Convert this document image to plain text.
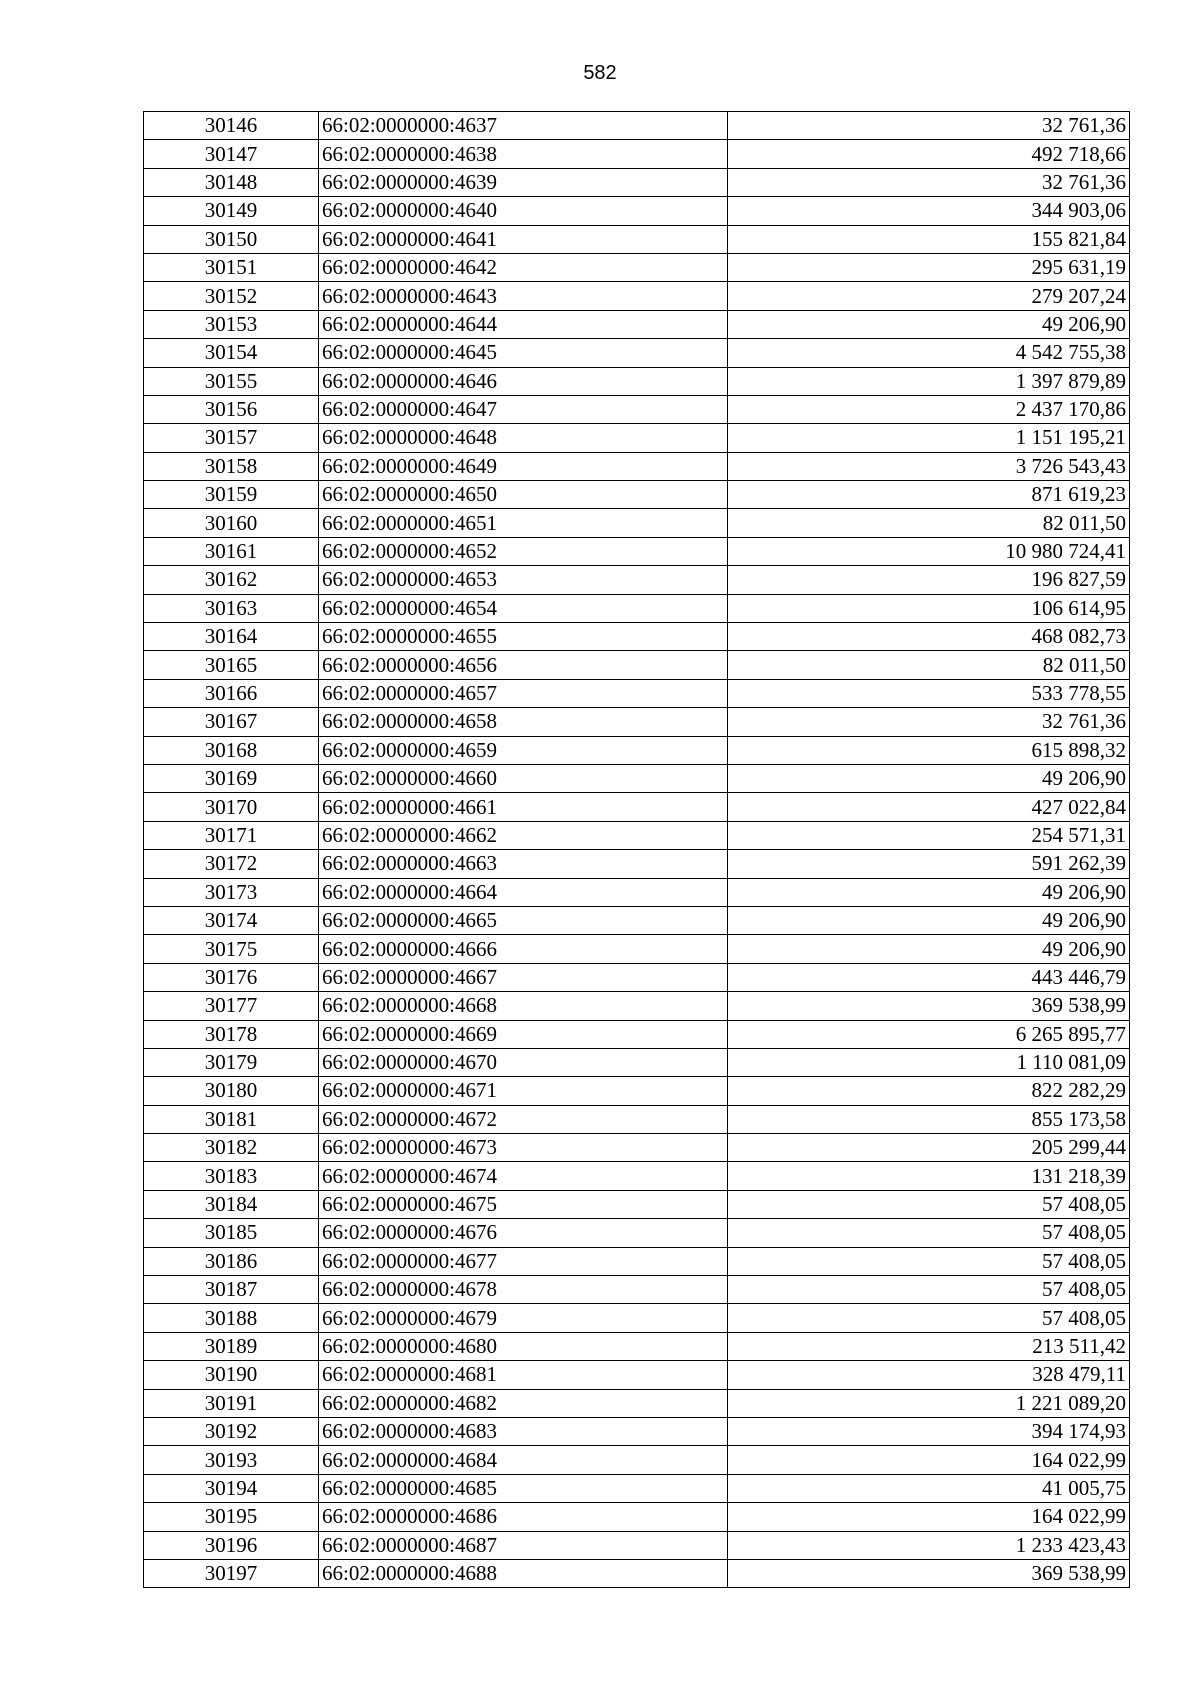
582
30146	66:02:0000000:4637	32 761,36
30147	66:02:0000000:4638	492 718,66
30148	66:02:0000000:4639	32 761,36
30149	66:02:0000000:4640	344 903,06
30150	66:02:0000000:4641	155 821,84
30151	66:02:0000000:4642	295 631,19
30152	66:02:0000000:4643	279 207,24
30153	66:02:0000000:4644	49 206,90
30154	66:02:0000000:4645	4 542 755,38
30155	66:02:0000000:4646	1 397 879,89
30156	66:02:0000000:4647	2 437 170,86
30157	66:02:0000000:4648	1 151 195,21
30158	66:02:0000000:4649	3 726 543,43
30159	66:02:0000000:4650	871 619,23
30160	66:02:0000000:4651	82 011,50
30161	66:02:0000000:4652	10 980 724,41
30162	66:02:0000000:4653	196 827,59
30163	66:02:0000000:4654	106 614,95
30164	66:02:0000000:4655	468 082,73
30165	66:02:0000000:4656	82 011,50
30166	66:02:0000000:4657	533 778,55
30167	66:02:0000000:4658	32 761,36
30168	66:02:0000000:4659	615 898,32
30169	66:02:0000000:4660	49 206,90
30170	66:02:0000000:4661	427 022,84
30171	66:02:0000000:4662	254 571,31
30172	66:02:0000000:4663	591 262,39
30173	66:02:0000000:4664	49 206,90
30174	66:02:0000000:4665	49 206,90
30175	66:02:0000000:4666	49 206,90
30176	66:02:0000000:4667	443 446,79
30177	66:02:0000000:4668	369 538,99
30178	66:02:0000000:4669	6 265 895,77
30179	66:02:0000000:4670	1 110 081,09
30180	66:02:0000000:4671	822 282,29
30181	66:02:0000000:4672	855 173,58
30182	66:02:0000000:4673	205 299,44
30183	66:02:0000000:4674	131 218,39
30184	66:02:0000000:4675	57 408,05
30185	66:02:0000000:4676	57 408,05
30186	66:02:0000000:4677	57 408,05
30187	66:02:0000000:4678	57 408,05
30188	66:02:0000000:4679	57 408,05
30189	66:02:0000000:4680	213 511,42
30190	66:02:0000000:4681	328 479,11
30191	66:02:0000000:4682	1 221 089,20
30192	66:02:0000000:4683	394 174,93
30193	66:02:0000000:4684	164 022,99
30194	66:02:0000000:4685	41 005,75
30195	66:02:0000000:4686	164 022,99
30196	66:02:0000000:4687	1 233 423,43
30197	66:02:0000000:4688	369 538,99
